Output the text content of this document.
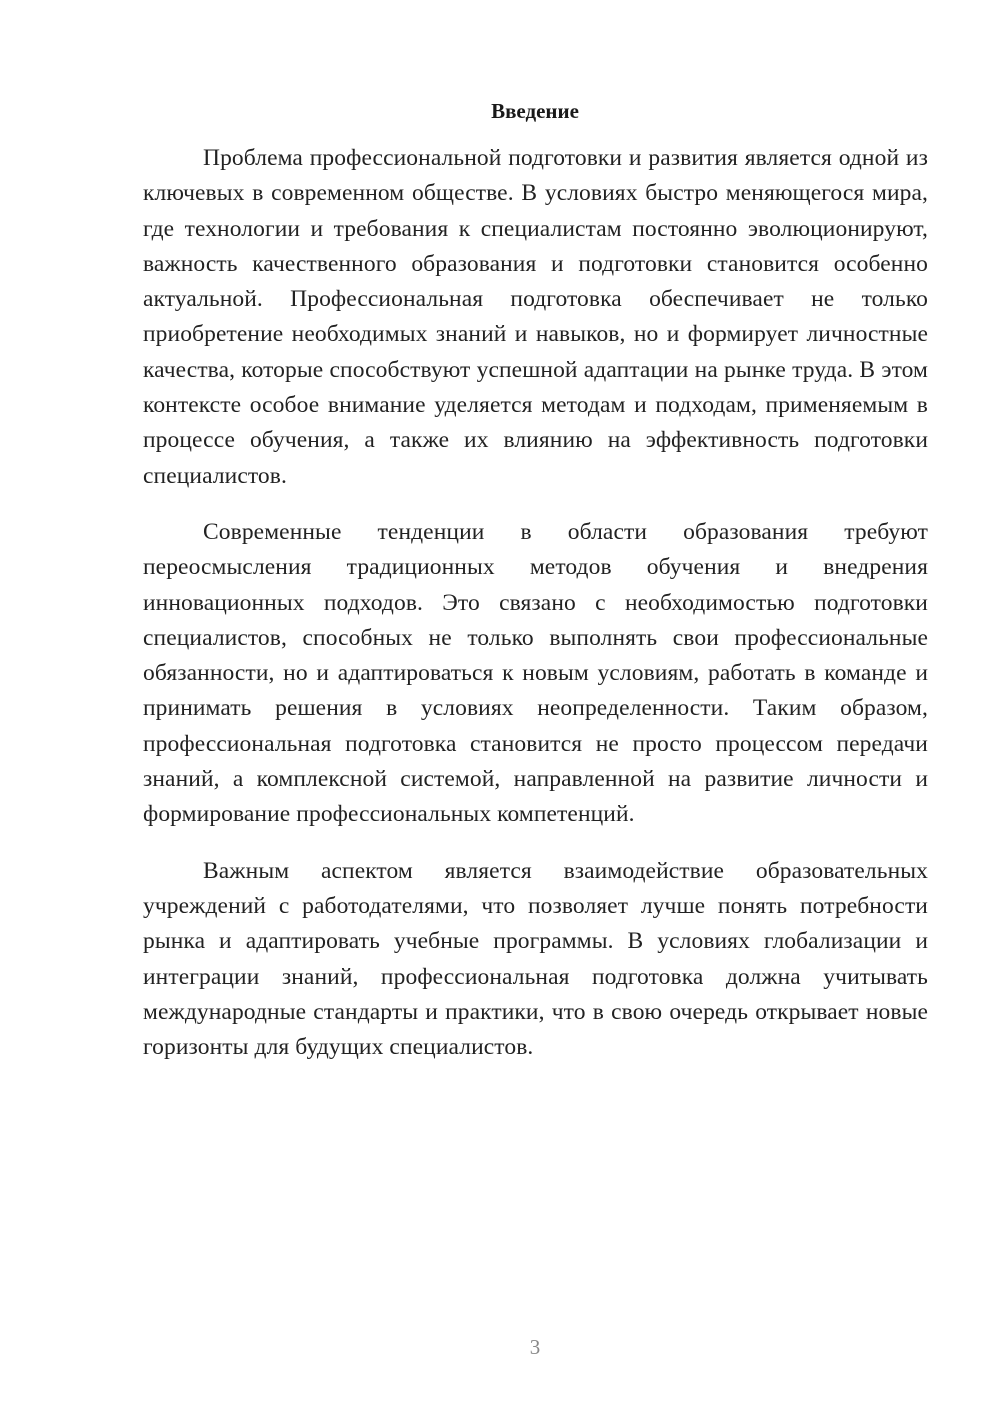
Введение

Проблема профессиональной подготовки и развития является одной из ключевых в современном обществе. В условиях быстро меняющегося мира, где технологии и требования к специалистам постоянно эволюционируют, важность качественного образования и подготовки становится особенно актуальной. Профессиональная подготовка обеспечивает не только приобретение необходимых знаний и навыков, но и формирует личностные качества, которые способствуют успешной адаптации на рынке труда. В этом контексте особое внимание уделяется методам и подходам, применяемым в процессе обучения, а также их влиянию на эффективность подготовки специалистов.

Современные тенденции в области образования требуют переосмысления традиционных методов обучения и внедрения инновационных подходов. Это связано с необходимостью подготовки специалистов, способных не только выполнять свои профессиональные обязанности, но и адаптироваться к новым условиям, работать в команде и принимать решения в условиях неопределенности. Таким образом, профессиональная подготовка становится не просто процессом передачи знаний, а комплексной системой, направленной на развитие личности и формирование профессиональных компетенций.

Важным аспектом является взаимодействие образовательных учреждений с работодателями, что позволяет лучше понять потребности рынка и адаптировать учебные программы. В условиях глобализации и интеграции знаний, профессиональная подготовка должна учитывать международные стандарты и практики, что в свою очередь открывает новые горизонты для будущих специалистов.

3
